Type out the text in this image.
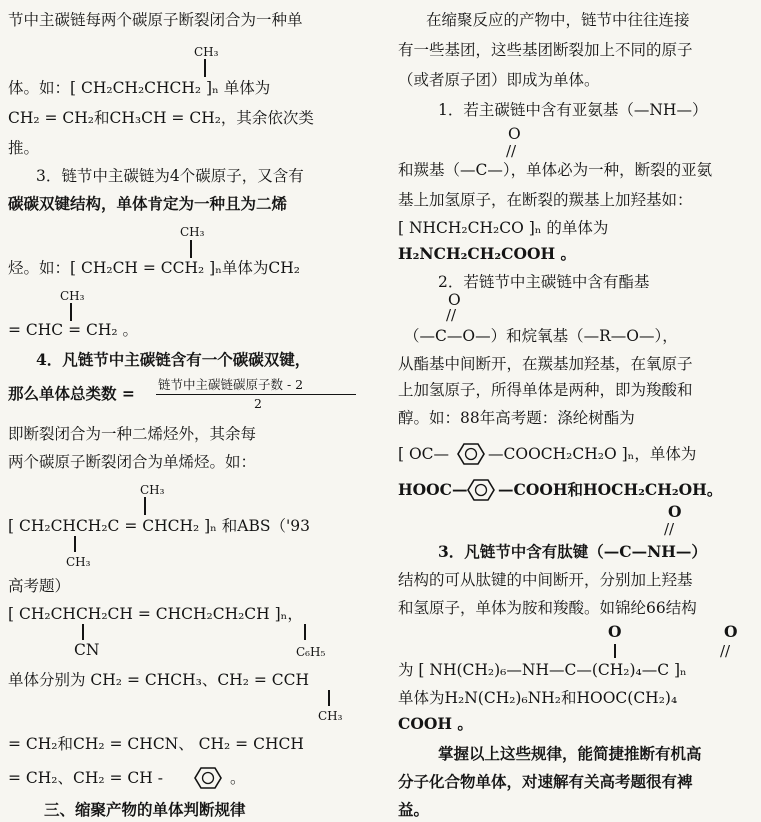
节中主碳链每两个碳原子断裂闭合为一种单
CH₃
体。如：[ CH₂CH₂CHCH₂ ]ₙ 单体为
CH₂ = CH₂和CH₃CH = CH₂，其余依次类
推。
3．链节中主碳链为4个碳原子，又含有
碳碳双键结构，单体肯定为一种且为二烯
CH₃
烃。如：[ CH₂CH = CCH₂ ]ₙ单体为CH₂
CH₃
= CHC = CH₂ 。
4．凡链节中主碳链含有一个碳碳双键，
那么单体总类数 = 链节中主碳链碳原子数 - 2
2
即断裂闭合为一种二烯烃外，其余每
两个碳原子断裂闭合为单烯烃。如：
CH₃
[ CH₂CHCH₂C = CHCH₂ ]ₙ 和ABS（'93
CH₃
高考题）
[ CH₂CHCH₂CH = CHCH₂CH₂CH ]ₙ，
CN	C₆H₅
单体分别为 CH₂ = CHCH₃、CH₂ = CCH
CH₃
= CH₂和CH₂ = CHCN、 CH₂ = CHCH
= CH₂、CH₂ = CH -	。
三、缩聚产物的单体判断规律
在缩聚反应的产物中，链节中往往连接
有一些基团，这些基团断裂加上不同的原子
（或者原子团）即成为单体。
1．若主碳链中含有亚氨基（—NH—）
O
//
和羰基（—C—），单体必为一种，断裂的亚氨
基上加氢原子，在断裂的羰基上加羟基如：
[ NHCH₂CH₂CO ]ₙ 的单体为
H₂NCH₂CH₂COOH 。
2．若链节中主碳链中含有酯基
O
//
（—C—O—）和烷氧基（—R—O—），
从酯基中间断开，在羰基加羟基，在氧原子
上加氢原子，所得单体是两种，即为羧酸和
醇。如：88年高考题：涤纶树酯为
[ OC—	—COOCH₂CH₂O ]ₙ，单体为
HOOC— —COOH和HOCH₂CH₂OH。
O
//
3．凡链节中含有肽键（—C—NH—）
结构的可从肽键的中间断开，分别加上羟基
和氢原子，单体为胺和羧酸。如锦纶66结构
O	O
//
为 [ NH(CH₂)₆—NH—C—(CH₂)₄—C ]ₙ
单体为H₂N(CH₂)₆NH₂和HOOC(CH₂)₄
COOH 。
掌握以上这些规律，能简捷推断有机高
分子化合物单体，对速解有关高考题很有裨
益。
